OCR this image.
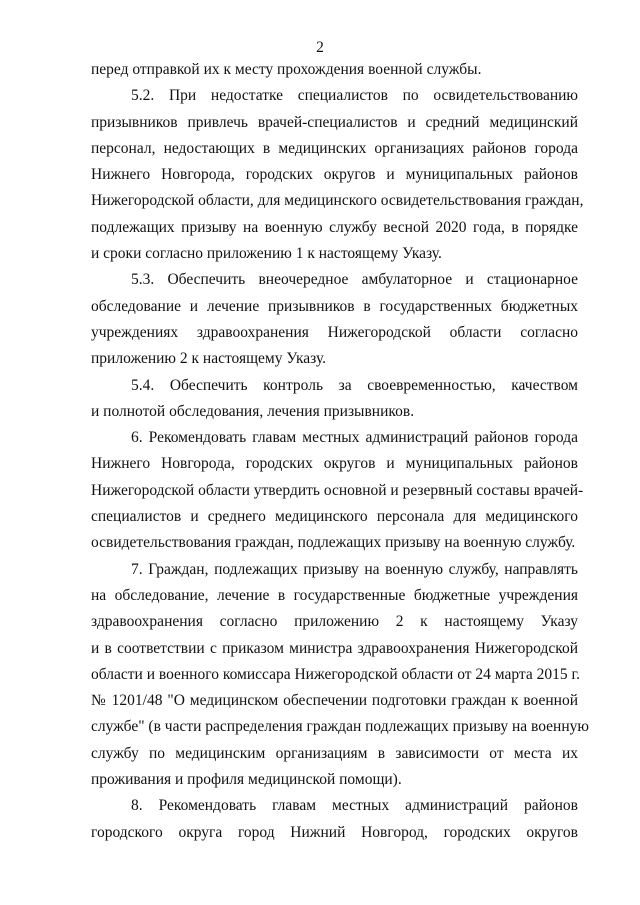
2
перед отправкой их к месту прохождения военной службы.
5.2. При недостатке специалистов по освидетельствованию
призывников привлечь врачей-специалистов и средний медицинский
персонал, недостающих в медицинских организациях районов города
Нижнего Новгорода, городских округов и муниципальных районов
Нижегородской области, для медицинского освидетельствования граждан,
подлежащих призыву на военную службу весной 2020 года, в порядке
и сроки согласно приложению 1 к настоящему Указу.
5.3. Обеспечить внеочередное амбулаторное и стационарное
обследование и лечение призывников в государственных бюджетных
учреждениях здравоохранения Нижегородской области согласно
приложению 2 к настоящему Указу.
5.4. Обеспечить контроль за своевременностью, качеством
и полнотой обследования, лечения призывников.
6. Рекомендовать главам местных администраций районов города
Нижнего Новгорода, городских округов и муниципальных районов
Нижегородской области утвердить основной и резервный составы врачей-
специалистов и среднего медицинского персонала для медицинского
освидетельствования граждан, подлежащих призыву на военную службу.
7. Граждан, подлежащих призыву на военную службу, направлять
на обследование, лечение в государственные бюджетные учреждения
здравоохранения согласно приложению 2 к настоящему Указу
и в соответствии с приказом министра здравоохранения Нижегородской
области и военного комиссара Нижегородской области от 24 марта 2015 г.
№ 1201/48 "О медицинском обеспечении подготовки граждан к военной
службе" (в части распределения граждан подлежащих призыву на военную
службу по медицинским организациям в зависимости от места их
проживания и профиля медицинской помощи).
8. Рекомендовать главам местных администраций районов
городского округа город Нижний Новгород, городских округов
